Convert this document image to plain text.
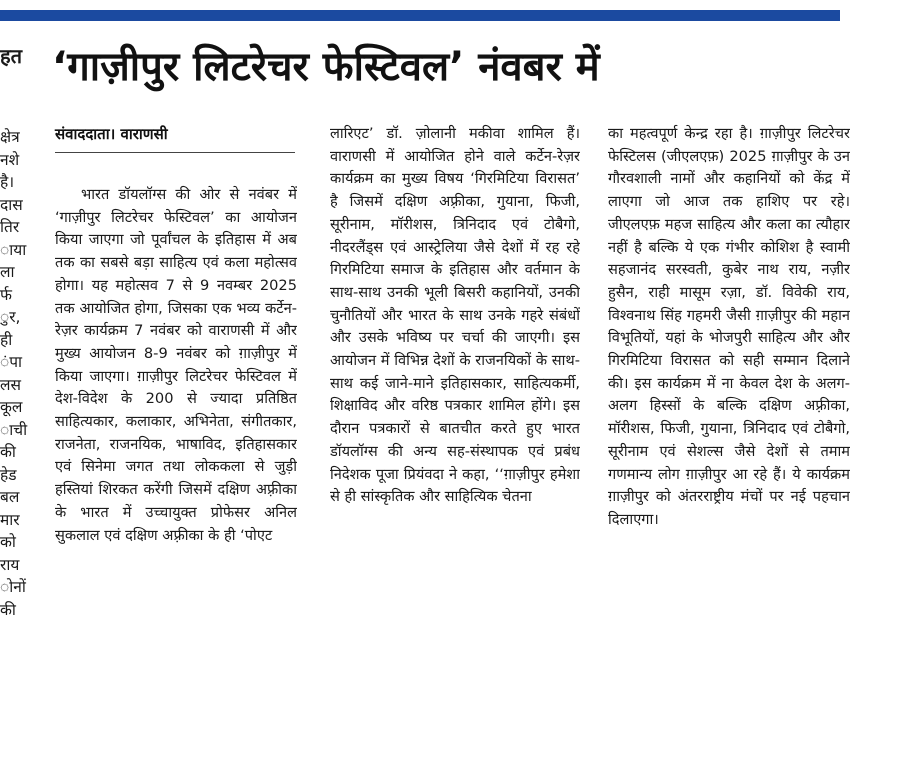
हत
क्षेत्र
नशे
है।
दास
तिर
ाया
ला
र्फ
ुर,
ही
ंपा
लस
कूल
ाची
की
हेड
बल
मार
को
राय
ोनों
की
‘गाज़ीपुर लिटरेचर फेस्टिवल’ नंवबर में
संवाददाता। वाराणसी

भारत डॉयलॉग्स की ओर से नवंबर में ‘गाज़ीपुर लिटरेचर फेस्टिवल’ का आयोजन किया जाएगा जो पूर्वांचल के इतिहास में अब तक का सबसे बड़ा साहित्य एवं कला महोत्सव होगा। यह महोत्सव 7 से 9 नवम्बर 2025 तक आयोजित होगा, जिसका एक भव्य कर्टेन-रेज़र कार्यक्रम 7 नवंबर को वाराणसी में और मुख्य आयोजन 8-9 नवंबर को ग़ाज़ीपुर में किया जाएगा। ग़ाज़ीपुर लिटरेचर फेस्टिवल में देश-विदेश के 200 से ज्यादा प्रतिष्ठित साहित्यकार, कलाकार, अभिनेता, संगीतकार, राजनेता, राजनयिक, भाषाविद, इतिहासकार एवं सिनेमा जगत तथा लोककला से जुड़ी हस्तियां शिरकत करेंगी जिसमें दक्षिण अफ़्रीका के भारत में उच्चायुक्त प्रोफेसर अनिल सुकलाल एवं दक्षिण अफ़्रीका के ही ‘पोएट

लारिएट’ डॉ. ज़ोलानी मकीवा शामिल हैं। वाराणसी में आयोजित होने वाले कर्टेन-रेज़र कार्यक्रम का मुख्य विषय ‘गिरमिटिया विरासत’ है जिसमें दक्षिण अफ़्रीका, गुयाना, फिजी, सूरीनाम, मॉरीशस, त्रिनिदाद एवं टोबैगो, नीदरलैंड्स एवं आस्ट्रेलिया जैसे देशों में रह रहे गिरमिटिया समाज के इतिहास और वर्तमान के साथ-साथ उनकी भूली बिसरी कहानियों, उनकी चुनौतियों और भारत के साथ उनके गहरे संबंधों और उसके भविष्य पर चर्चा की जाएगी। इस आयोजन में विभिन्न देशों के राजनयिकों के साथ-साथ कई जाने-माने इतिहासकार, साहित्यकर्मी, शिक्षाविद और वरिष्ठ पत्रकार शामिल होंगे। इस दौरान पत्रकारों से बातचीत करते हुए भारत डॉयलॉग्स की अन्य सह-संस्थापक एवं प्रबंध निदेशक पूजा प्रियंवदा ने कहा, ‘‘ग़ाज़ीपुर हमेशा से ही सांस्कृतिक और साहित्यिक चेतना

का महत्वपूर्ण केन्द्र रहा है। ग़ाज़ीपुर लिटरेचर फेस्टिलस (जीएलएफ़) 2025 ग़ाज़ीपुर के उन गौरवशाली नामों और कहानियों को केंद्र में लाएगा जो आज तक हाशिए पर रहे। जीएलएफ़ महज साहित्य और कला का त्यौहार नहीं है बल्कि ये एक गंभीर कोशिश है स्वामी सहजानंद सरस्वती, कुबेर नाथ राय, नज़ीर हुसैन, राही मासूम रज़ा, डॉ. विवेकी राय, विश्वनाथ सिंह गहमरी जैसी ग़ाज़ीपुर की महान विभूतियों, यहां के भोजपुरी साहित्य और और गिरमिटिया विरासत को सही सम्मान दिलाने की। इस कार्यक्रम में ना केवल देश के अलग-अलग हिस्सों के बल्कि दक्षिण अफ़्रीका, मॉरीशस, फिजी, गुयाना, त्रिनिदाद एवं टोबैगो, सूरीनाम एवं सेशल्स जैसे देशों से तमाम गणमान्य लोग ग़ाज़ीपुर आ रहे हैं। ये कार्यक्रम ग़ाज़ीपुर को अंतरराष्ट्रीय मंचों पर नई पहचान दिलाएगा।
